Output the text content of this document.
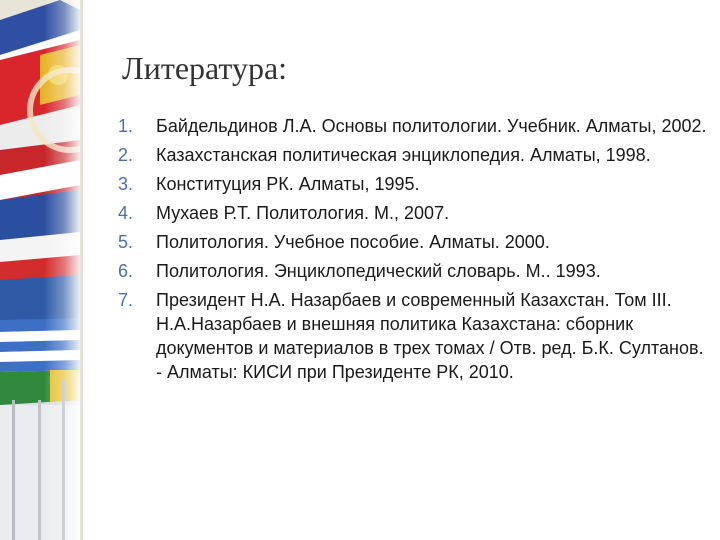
Литература:
1.	Байдельдинов Л.А. Основы политологии. Учебник. Алматы, 2002.
2.	Казахстанская политическая энциклопедия. Алматы, 1998.
3.	Конституция РК. Алматы, 1995.
4.	Мухаев Р.Т. Политология. М., 2007.
5.	Политология. Учебное пособие. Алматы. 2000.
6.	Политология. Энциклопедический словарь. М.. 1993.
7.	Президент Н.А. Назарбаев и современный Казахстан. Том III. Н.А.Назарбаев и внешняя политика Казахстана: сборник документов и материалов в трех томах / Отв. ред. Б.К. Султанов. - Алматы: КИСИ при Президенте РК, 2010.
